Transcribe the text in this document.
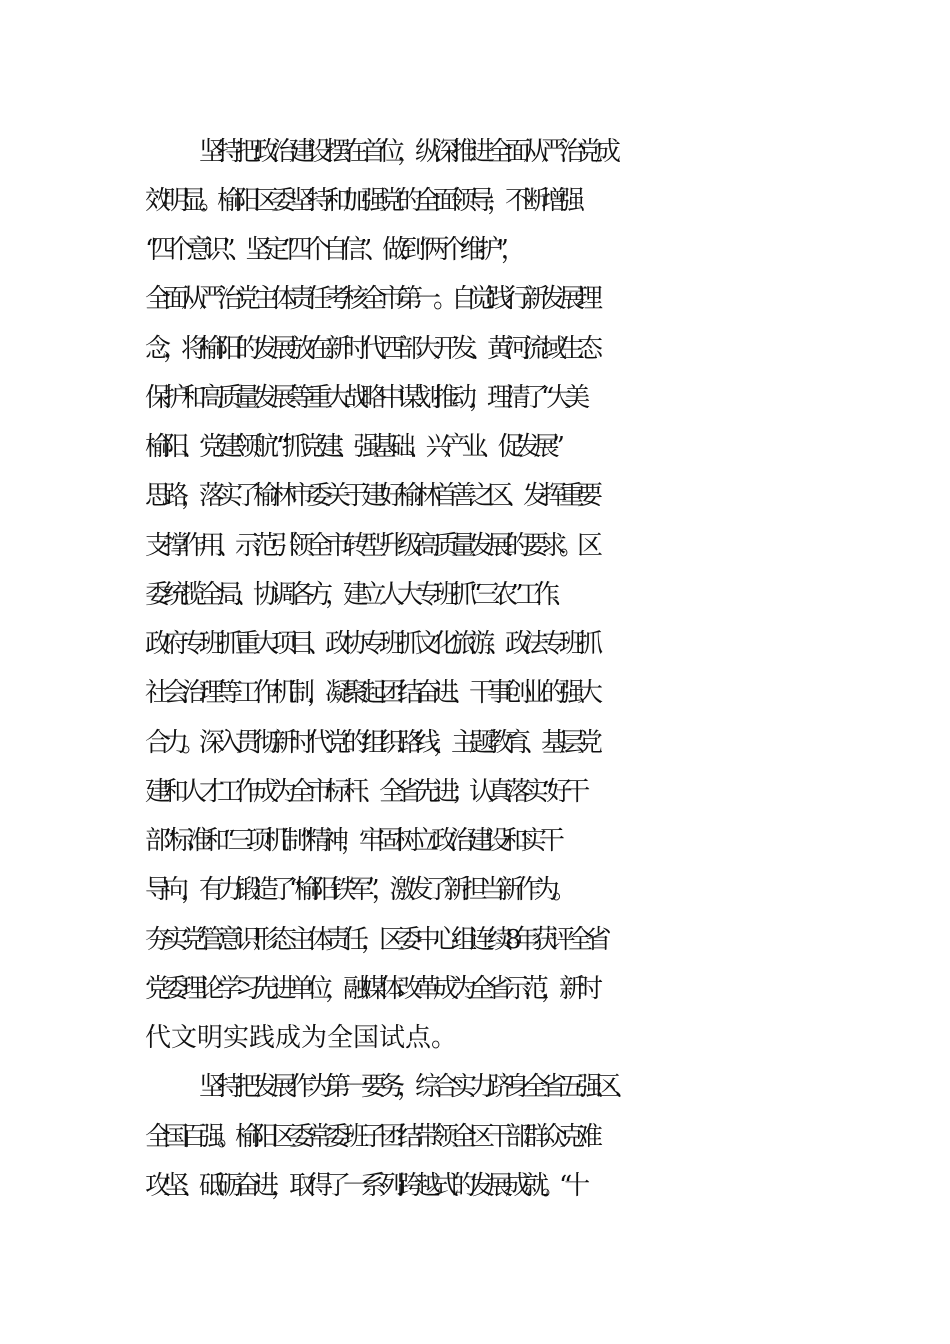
坚持把政治建设摆在首位，纵深推进全面从严治党成

效明显。榆阳区委坚持和加强党的全面领导，不断增强

“四个意识”、坚定“四个自信”、做到“两个维护”，

全面从严治党主体责任考核全市第一。自觉践行新发展理

念，将榆阳的发展放在新时代西部大开发、黄河流域生态

保护和高质量发展等重大战略中谋划推动，理清了“大美

榆阳、党建领航”“抓党建、强基础、兴产业、促发展”

思路，落实了榆林市委关于建好榆林首善之区、发挥重要

支撑作用、示范引领全市转型升级高质量发展的要求。区

委统揽全局、协调各方，建立人大专班抓“三农”工作、

政府专班抓重大项目、政协专班抓文化旅游、政法专班抓

社会治理等工作机制，凝聚起团结奋进、干事创业的强大

合力。深入贯彻新时代党的组织路线，主题教育、基层党

建和人才工作成为全市标杆、全省先进；认真落实“好干

部”标准和“三项机制”精神，牢固树立政治建设和实干

导向，有力锻造了“榆阳铁军”，激发了新担当新作为。

夯实党管意识形态主体责任，区委中心组连续8年获评全省

党委理论学习先进单位，融媒体改革成为全省示范，新时

代文明实践成为全国试点。

坚持把发展作为第一要务，综合实力跻身全省五强区、

全国百强。榆阳区委常委班子团结带领全区干部群众克难

攻坚、砥砺奋进，取得了一系列跨越式的发展成就。“十
